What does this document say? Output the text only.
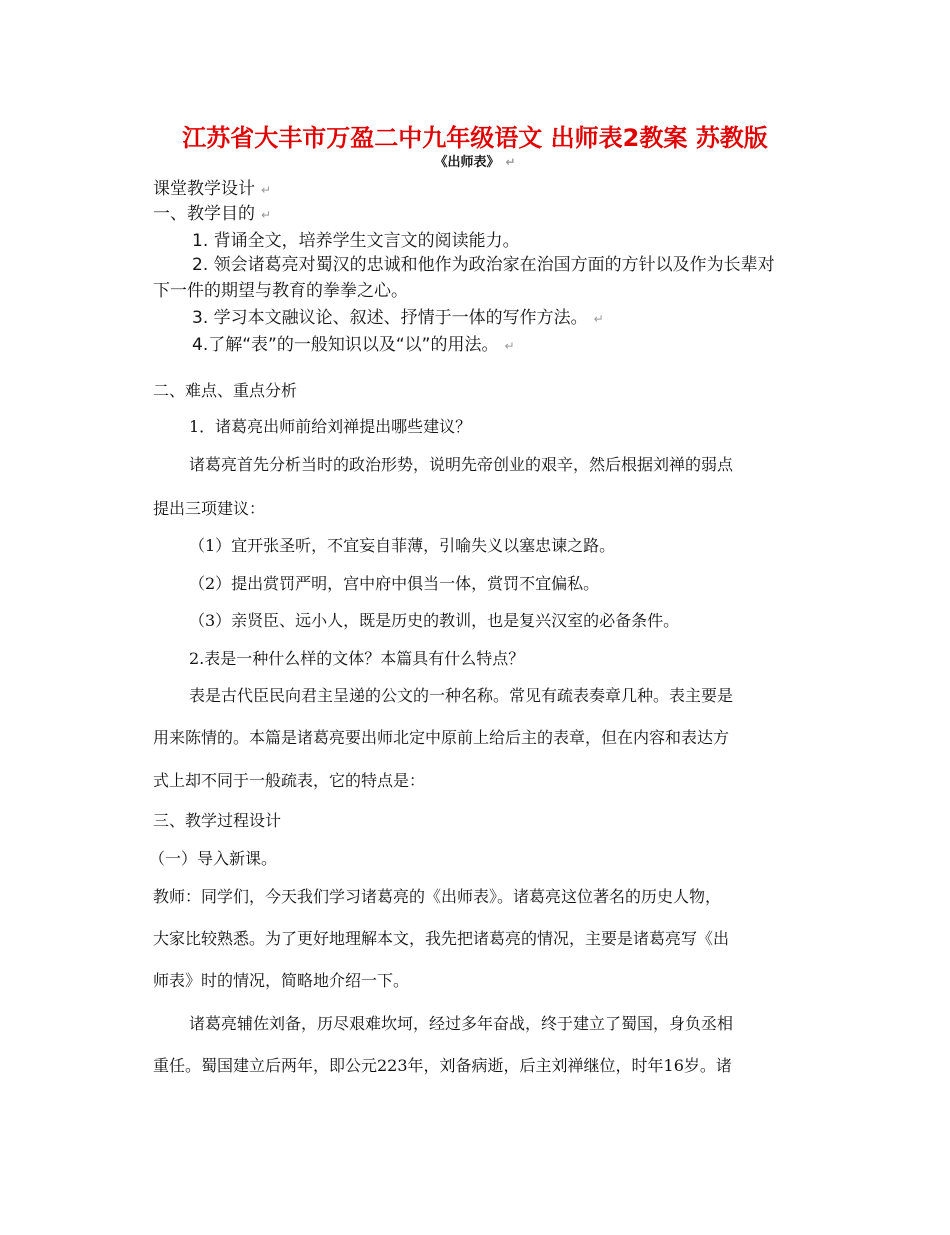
江苏省大丰市万盈二中九年级语文 出师表2教案 苏教版
《出师表》 ↵
课堂教学设计 ↵
一、教学目的 ↵
1. 背诵全文，培养学生文言文的阅读能力。
2. 领会诸葛亮对蜀汉的忠诚和他作为政治家在治国方面的方针以及作为长辈对
下一件的期望与教育的拳拳之心。
3. 学习本文融议论、叙述、抒情于一体的写作方法。 ↵
4.了解“表”的一般知识以及“以”的用法。 ↵
二、难点、重点分析
1．诸葛亮出师前给刘禅提出哪些建议？
诸葛亮首先分析当时的政治形势，说明先帝创业的艰辛，然后根据刘禅的弱点
提出三项建议：
（1）宜开张圣听，不宜妄自菲薄，引喻失义以塞忠谏之路。
（2）提出赏罚严明，宫中府中俱当一体，赏罚不宜偏私。
（3）亲贤臣、远小人，既是历史的教训，也是复兴汉室的必备条件。
2.表是一种什么样的文体？本篇具有什么特点？
表是古代臣民向君主呈递的公文的一种名称。常见有疏表奏章几种。表主要是
用来陈情的。本篇是诸葛亮要出师北定中原前上给后主的表章，但在内容和表达方
式上却不同于一般疏表，它的特点是：
三、教学过程设计
（一）导入新课。
教师：同学们，今天我们学习诸葛亮的《出师表》。诸葛亮这位著名的历史人物，
大家比较熟悉。为了更好地理解本文，我先把诸葛亮的情况，主要是诸葛亮写《出
师表》时的情况，简略地介绍一下。
诸葛亮辅佐刘备，历尽艰难坎坷，经过多年奋战，终于建立了蜀国，身负丞相
重任。蜀国建立后两年，即公元223年，刘备病逝，后主刘禅继位，时年16岁。诸
